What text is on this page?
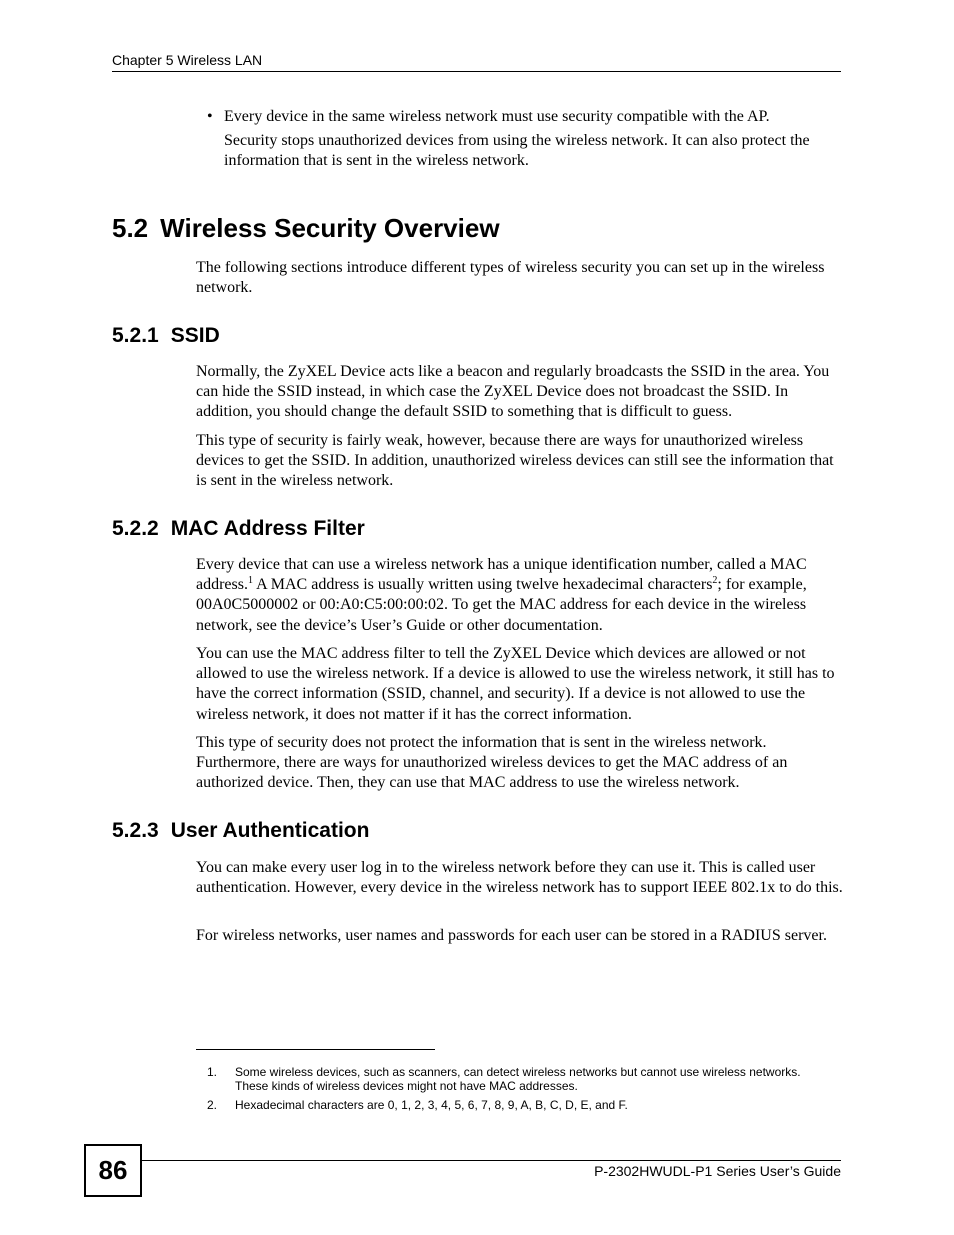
Chapter 5 Wireless LAN
• Every device in the same wireless network must use security compatible with the AP.

Security stops unauthorized devices from using the wireless network. It can also protect the information that is sent in the wireless network.

5.2 Wireless Security Overview

The following sections introduce different types of wireless security you can set up in the wireless network.

5.2.1 SSID

Normally, the ZyXEL Device acts like a beacon and regularly broadcasts the SSID in the area. You can hide the SSID instead, in which case the ZyXEL Device does not broadcast the SSID. In addition, you should change the default SSID to something that is difficult to guess.

This type of security is fairly weak, however, because there are ways for unauthorized wireless devices to get the SSID. In addition, unauthorized wireless devices can still see the information that is sent in the wireless network.

5.2.2 MAC Address Filter

Every device that can use a wireless network has a unique identification number, called a MAC address.$^1$ A MAC address is usually written using twelve hexadecimal characters$^2$; for example, 00A0C5000002 or 00:A0:C5:00:00:02. To get the MAC address for each device in the wireless network, see the device’s User’s Guide or other documentation.

You can use the MAC address filter to tell the ZyXEL Device which devices are allowed or not allowed to use the wireless network. If a device is allowed to use the wireless network, it still has to have the correct information (SSID, channel, and security). If a device is not allowed to use the wireless network, it does not matter if it has the correct information.

This type of security does not protect the information that is sent in the wireless network. Furthermore, there are ways for unauthorized wireless devices to get the MAC address of an authorized device. Then, they can use that MAC address to use the wireless network.

5.2.3 User Authentication

You can make every user log in to the wireless network before they can use it. This is called user authentication. However, every device in the wireless network has to support IEEE 802.1x to do this.

For wireless networks, user names and passwords for each user can be stored in a RADIUS server.

1. Some wireless devices, such as scanners, can detect wireless networks but cannot use wireless networks. These kinds of wireless devices might not have MAC addresses.
2. Hexadecimal characters are 0, 1, 2, 3, 4, 5, 6, 7, 8, 9, A, B, C, D, E, and F.
86	P-2302HWUDL-P1 Series User’s Guide
